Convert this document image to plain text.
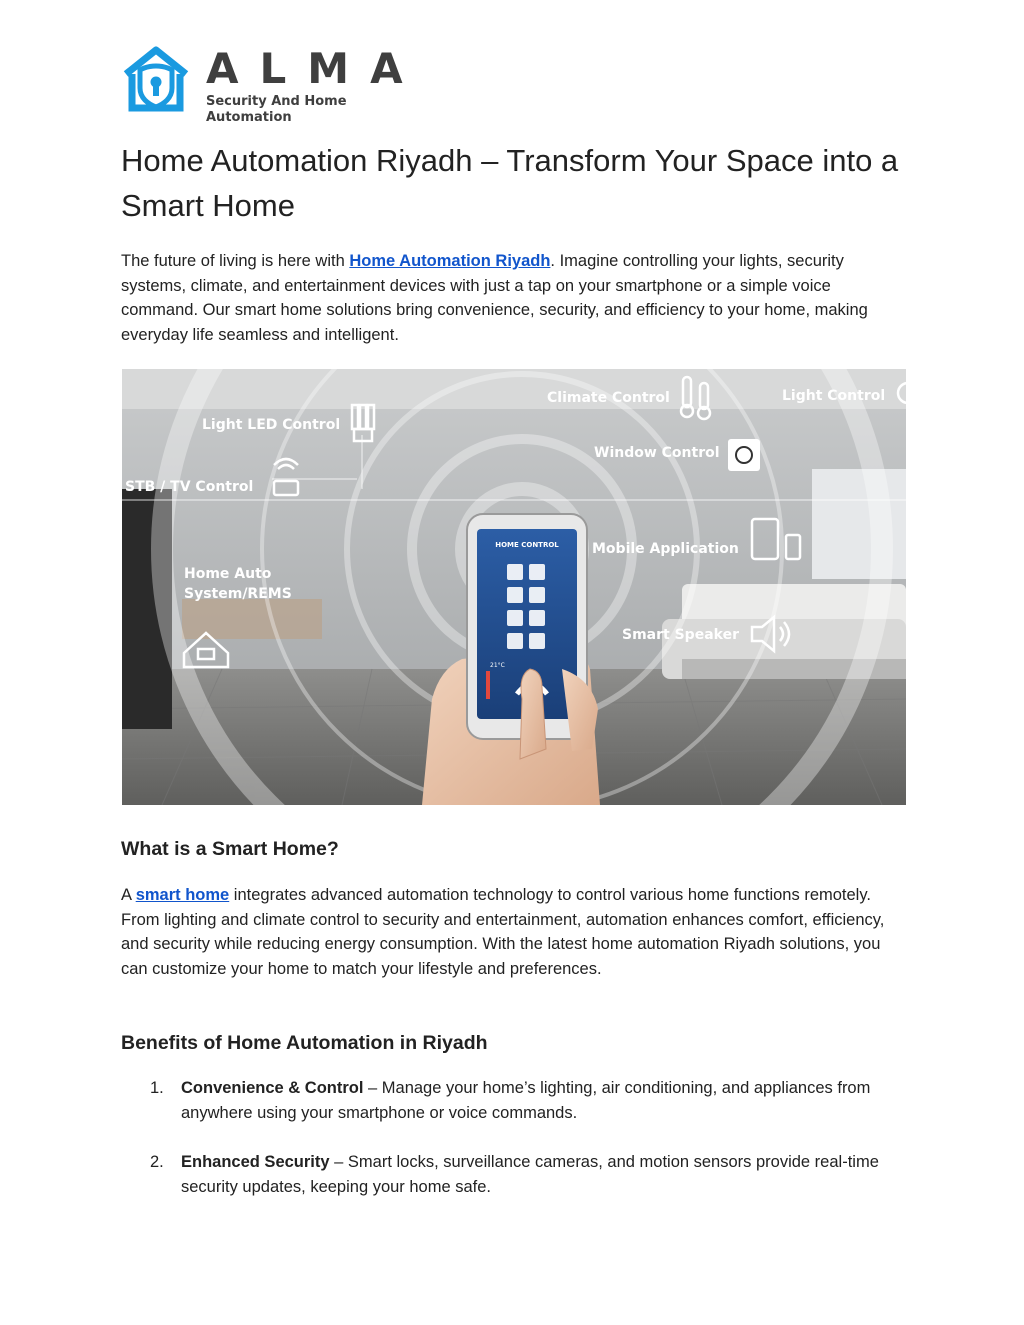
ALMA
Security And Home Automation
Home Automation Riyadh – Transform Your Space into a Smart Home

The future of living is here with Home Automation Riyadh. Imagine controlling your lights, security systems, climate, and entertainment devices with just a tap on your smartphone or a simple voice command. Our smart home solutions bring convenience, security, and efficiency to your home, making everyday life seamless and intelligent.

Climate Control	Light Control
Light LED Control
Window Control
STB / TV Control
Mobile Application
Home Auto
System/REMS
Smart Speaker
HOME CONTROL
21°C
What is a Smart Home?

A smart home integrates advanced automation technology to control various home functions remotely. From lighting and climate control to security and entertainment, automation enhances comfort, efficiency, and security while reducing energy consumption. With the latest home automation Riyadh solutions, you can customize your home to match your lifestyle and preferences.

Benefits of Home Automation in Riyadh
1. Convenience & Control – Manage your home’s lighting, air conditioning, and appliances from anywhere using your smartphone or voice commands.
2. Enhanced Security – Smart locks, surveillance cameras, and motion sensors provide real-time security updates, keeping your home safe.
